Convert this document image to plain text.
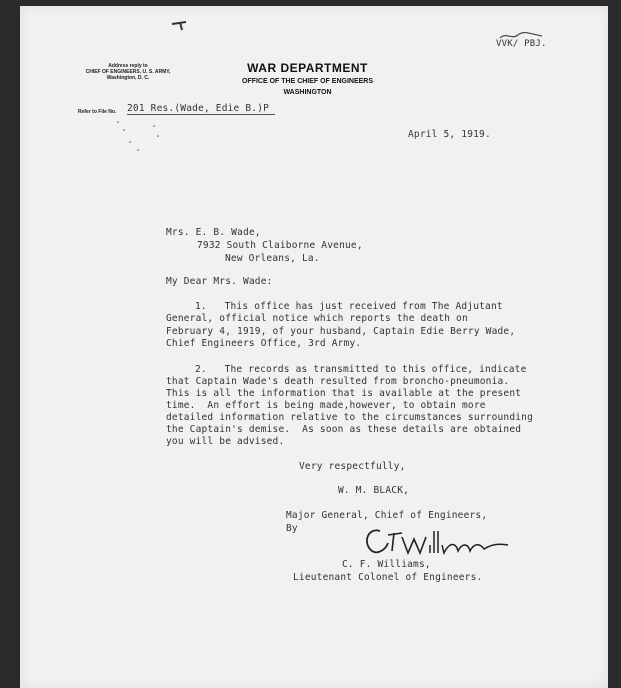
Address reply to
CHIEF OF ENGINEERS, U. S. ARMY,
Washington, D. C.
WAR DEPARTMENT
OFFICE OF THE CHIEF OF ENGINEERS
WASHINGTON
VVK/ PBJ.
Refer to File No. 201 Res.(Wade, Edie B.)P
April 5, 1919.
Mrs. E. B. Wade,
7932 South Claiborne Avenue,
New Orleans, La.
My Dear Mrs. Wade:
1.   This office has just received from The Adjutant
General, official notice which reports the death on
February 4, 1919, of your husband, Captain Edie Berry Wade,
Chief Engineers Office, 3rd Army.
2.   The records as transmitted to this office, indicate
that Captain Wade's death resulted from broncho-pneumonia.
This is all the information that is available at the present
time.  An effort is being made,however, to obtain more
detailed information relative to the circumstances surrounding
the Captain's demise.  As soon as these details are obtained
you will be advised.
Very respectfully,
W. M. BLACK,
Major General, Chief of Engineers,
By
C. F. Williams,
Lieutenant Colonel of Engineers.
